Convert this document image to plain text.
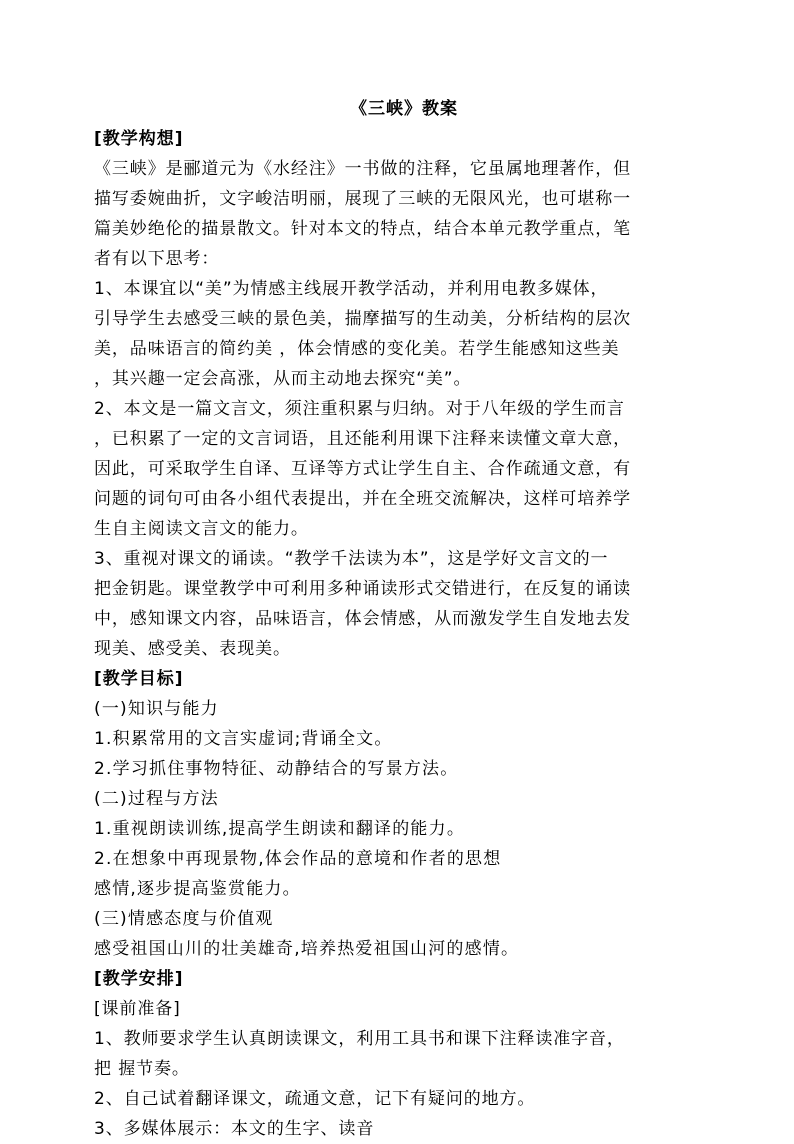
《三峡》教案
[教学构想]

《三峡》是郦道元为《水经注》一书做的注释，它虽属地理著作，但

描写委婉曲折，文字峻洁明丽，展现了三峡的无限风光，也可堪称一

篇美妙绝伦的描景散文。针对本文的特点，结合本单元教学重点，笔

者有以下思考：

1、本课宜以“美”为情感主线展开教学活动，并利用电教多媒体，

引导学生去感受三峡的景色美，揣摩描写的生动美，分析结构的层次

美，品味语言的简约美 ，体会情感的变化美。若学生能感知这些美

，其兴趣一定会高涨，从而主动地去探究“美”。

2、本文是一篇文言文，须注重积累与归纳。对于八年级的学生而言

，已积累了一定的文言词语，且还能利用课下注释来读懂文章大意，

因此，可采取学生自译、互译等方式让学生自主、合作疏通文意，有

问题的词句可由各小组代表提出，并在全班交流解决，这样可培养学

生自主阅读文言文的能力。

3、重视对课文的诵读。“教学千法读为本”，这是学好文言文的一

把金钥匙。课堂教学中可利用多种诵读形式交错进行，在反复的诵读

中，感知课文内容，品味语言，体会情感，从而激发学生自发地去发

现美、感受美、表现美。

[教学目标]

(一)知识与能力

1.积累常用的文言实虚词;背诵全文。

2.学习抓住事物特征、动静结合的写景方法。

(二)过程与方法

1.重视朗读训练,提高学生朗读和翻译的能力。

2.在想象中再现景物,体会作品的意境和作者的思想

感情,逐步提高鉴赏能力。

(三)情感态度与价值观

感受祖国山川的壮美雄奇,培养热爱祖国山河的感情。

[教学安排]

[课前准备]

1、教师要求学生认真朗读课文，利用工具书和课下注释读准字音，

把 握节奏。

2、自己试着翻译课文，疏通文意，记下有疑问的地方。

3、多媒体展示：本文的生字、读音
